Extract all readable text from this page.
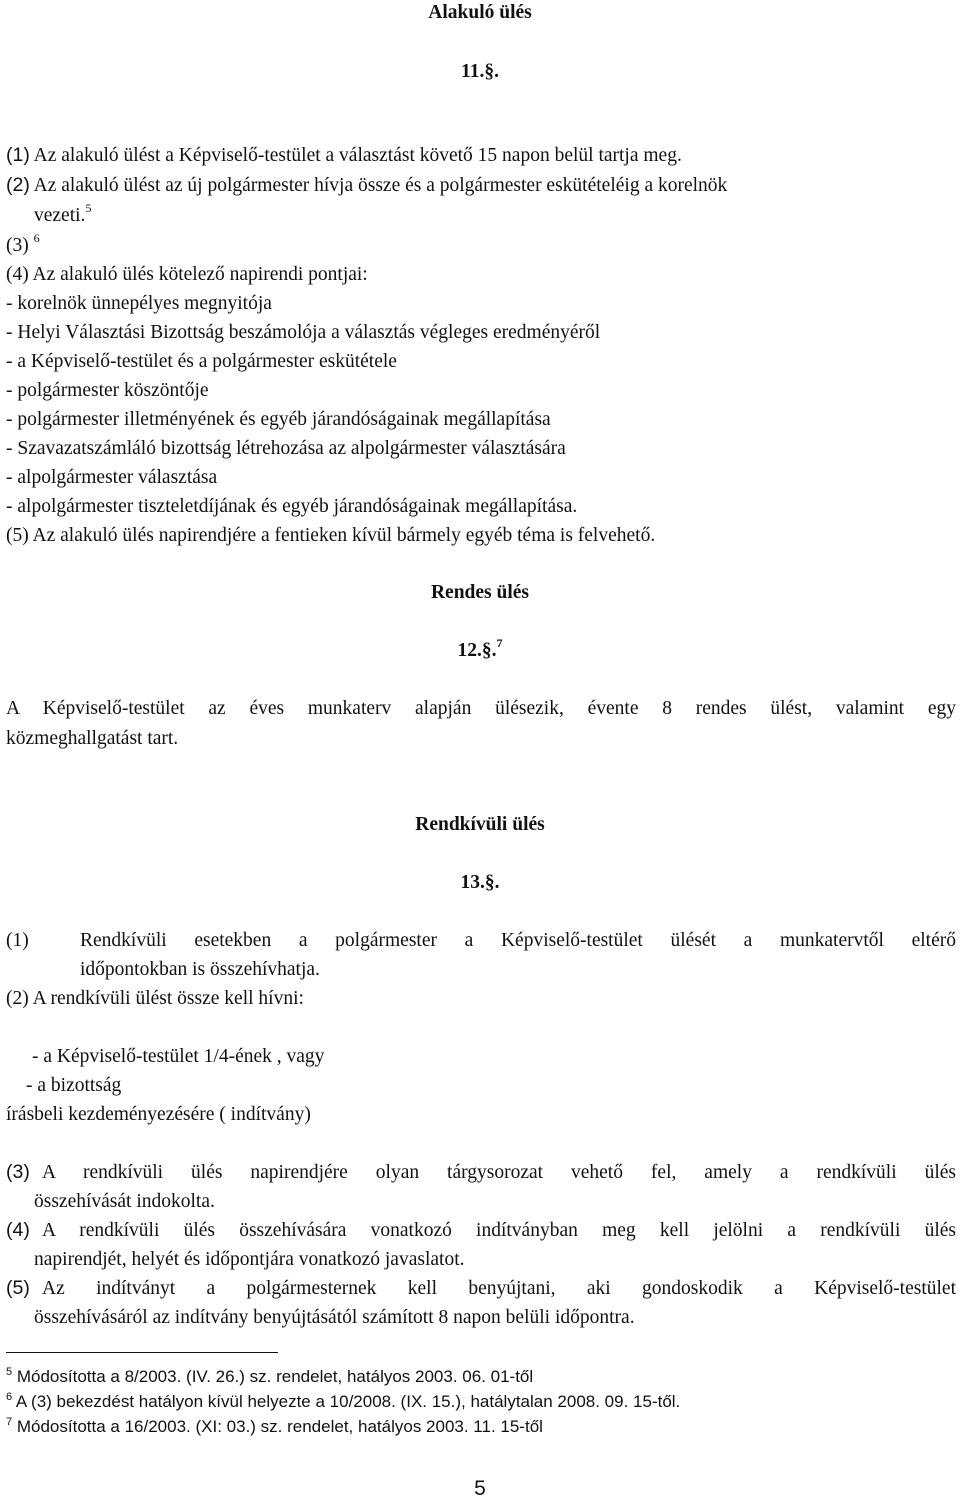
Alakuló ülés
11.§.
(1) Az alakuló ülést a Képviselő-testület a választást követő 15 napon belül tartja meg.
(2) Az alakuló ülést az új polgármester hívja össze és a polgármester eskütételéig a korelnök
vezeti.$^5$
(3) $^6$
(4) Az alakuló ülés kötelező napirendi pontjai:
- korelnök ünnepélyes megnyitója
- Helyi Választási Bizottság beszámolója a választás végleges eredményéről
- a Képviselő-testület és a polgármester eskütétele
- polgármester köszöntője
- polgármester illetményének és egyéb járandóságainak megállapítása
- Szavazatszámláló bizottság létrehozása az alpolgármester választására
- alpolgármester választása
- alpolgármester tiszteletdíjának és egyéb járandóságainak megállapítása.
(5) Az alakuló ülés napirendjére a fentieken kívül bármely egyéb téma is felvehető.
Rendes ülés
12.§.$^7$
A Képviselő-testület az éves munkaterv alapján ülésezik, évente 8 rendes ülést, valamint egy
közmeghallgatást tart.
Rendkívüli ülés
13.§.
(1)	Rendkívüli esetekben a polgármester a Képviselő-testület ülését a munkatervtől eltérő
időpontokban is összehívhatja.
(2) A rendkívüli ülést össze kell hívni:
- a Képviselő-testület 1/4-ének , vagy
- a bizottság
írásbeli kezdeményezésére ( indítvány)
(3) A rendkívüli ülés napirendjére olyan tárgysorozat vehető fel, amely a rendkívüli ülés
összehívását indokolta.
(4) A rendkívüli ülés összehívására vonatkozó indítványban meg kell jelölni a rendkívüli ülés
napirendjét, helyét és időpontjára vonatkozó javaslatot.
(5) Az indítványt a polgármesternek kell benyújtani, aki gondoskodik a Képviselő-testület
összehívásáról az indítvány benyújtásától számított 8 napon belüli időpontra.
$^5$ Módosította a 8/2003. (IV. 26.) sz. rendelet, hatályos 2003. 06. 01-től
$^6$ A (3) bekezdést hatályon kívül helyezte a 10/2008. (IX. 15.), hatálytalan 2008. 09. 15-től.
$^7$ Módosította a 16/2003. (XI: 03.) sz. rendelet, hatályos 2003. 11. 15-től
5
